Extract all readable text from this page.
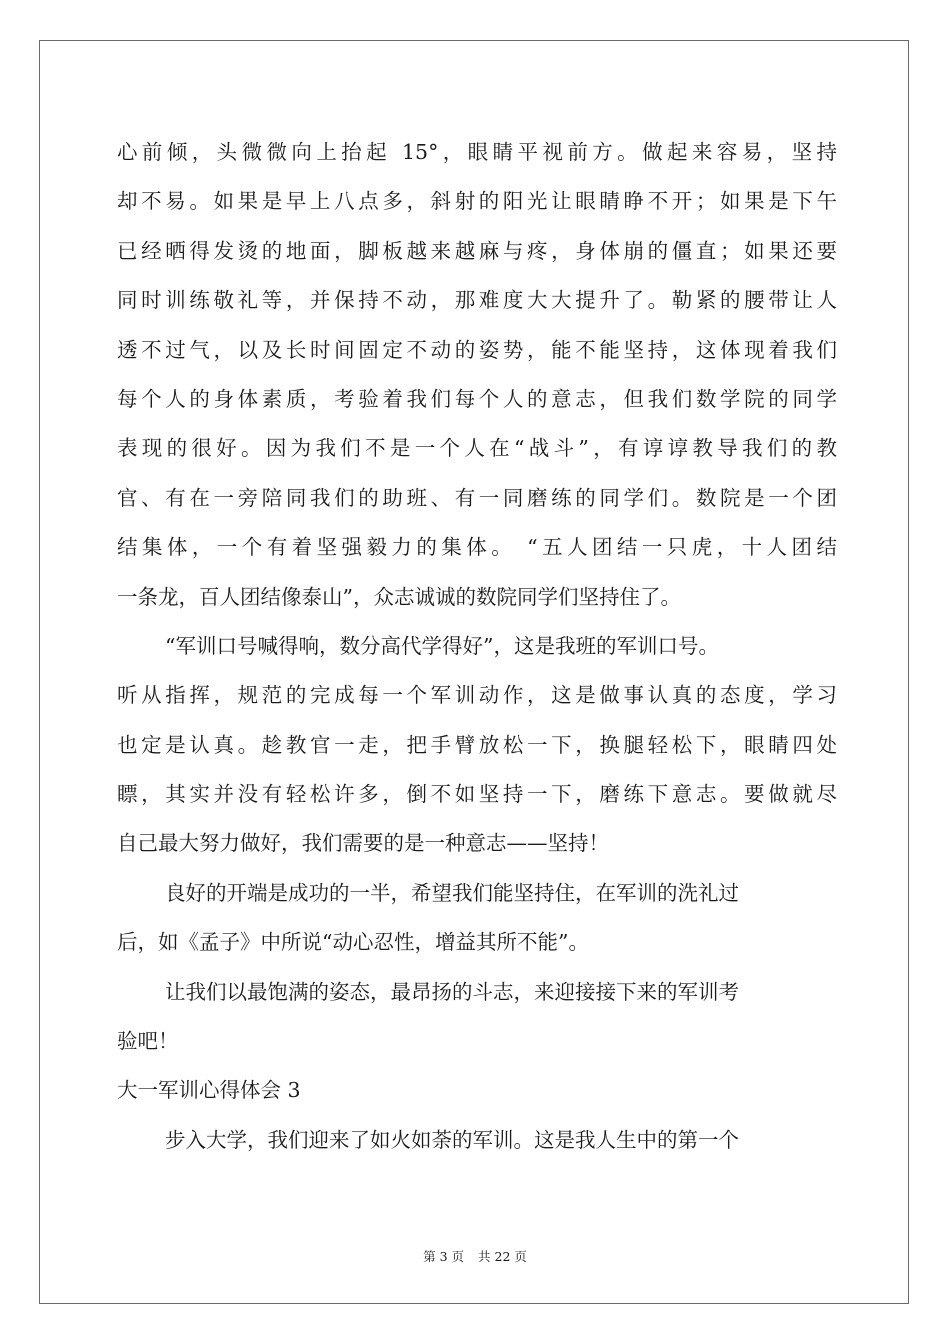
心前倾，头微微向上抬起 15°，眼睛平视前方。做起来容易，坚持
却不易。如果是早上八点多，斜射的阳光让眼睛睁不开；如果是下午
已经晒得发烫的地面，脚板越来越麻与疼，身体崩的僵直；如果还要
同时训练敬礼等，并保持不动，那难度大大提升了。勒紧的腰带让人
透不过气，以及长时间固定不动的姿势，能不能坚持，这体现着我们
每个人的身体素质，考验着我们每个人的意志，但我们数学院的同学
表现的很好。因为我们不是一个人在“战斗”，有谆谆教导我们的教
官、有在一旁陪同我们的助班、有一同磨练的同学们。数院是一个团
结集体，一个有着坚强毅力的集体。 “五人团结一只虎，十人团结
一条龙，百人团结像泰山”，众志诚诚的数院同学们坚持住了。
“军训口号喊得响，数分高代学得好”，这是我班的军训口号。
听从指挥，规范的完成每一个军训动作，这是做事认真的态度，学习
也定是认真。趁教官一走，把手臂放松一下，换腿轻松下，眼睛四处
瞟，其实并没有轻松许多，倒不如坚持一下，磨练下意志。要做就尽
自己最大努力做好，我们需要的是一种意志——坚持！
良好的开端是成功的一半，希望我们能坚持住，在军训的洗礼过
后，如《孟子》中所说“动心忍性，增益其所不能”。
让我们以最饱满的姿态，最昂扬的斗志，来迎接接下来的军训考
验吧！
大一军训心得体会 3
步入大学，我们迎来了如火如荼的军训。这是我人生中的第一个
第 3 页 共 22 页
